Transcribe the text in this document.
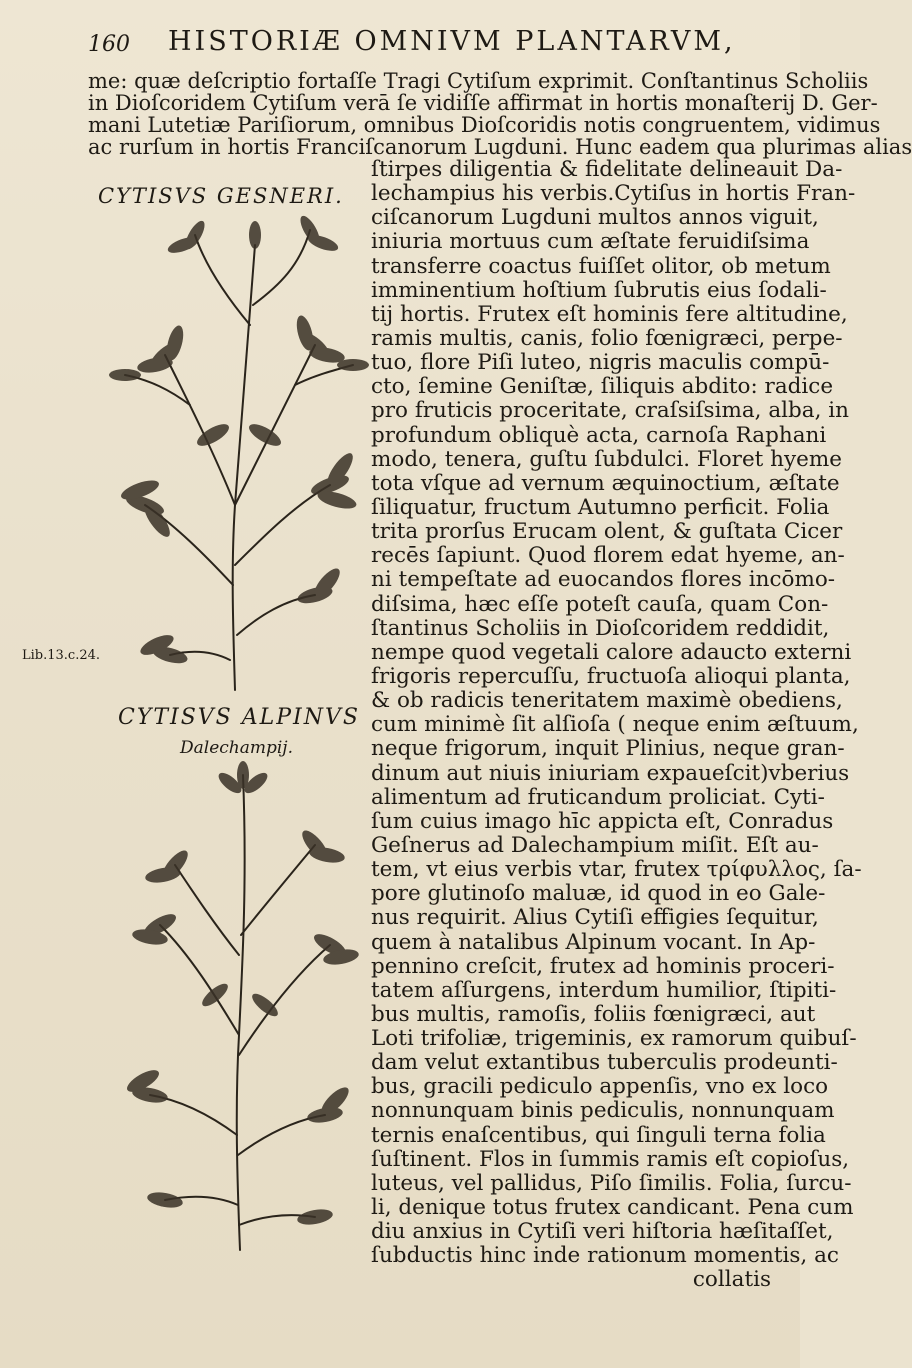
160 HISTORIÆ OMNIVM PLANTARVM,
me: quæ deſcriptio fortaſſe Tragi Cytiſum exprimit. Conſtantinus Scholiis
in Dioſcoridem Cytiſum verā ſe vidiſſe affirmat in hortis monaſterij D. Ger-
mani Lutetiæ Pariſiorum, omnibus Dioſcoridis notis congruentem, vidimus
ac rurſum in hortis Franciſcanorum Lugduni. Hunc eadem qua plurimas alias
CYTISVS GESNERI.
Lib.13.c.24.
CYTISVS ALPINVS
Dalechampij.
ſtirpes diligentia & fidelitate delineauit Da-
lechampius his verbis.Cytiſus in hortis Fran-
ciſcanorum Lugduni multos annos viguit,
iniuria mortuus cum æſtate feruidiſsima
transferre coactus fuiſſet olitor, ob metum
imminentium hoſtium ſubrutis eius ſodali-
tij hortis. Frutex eſt hominis fere altitudine,
ramis multis, canis, folio fœnigræci, perpe-
tuo, flore Piſi luteo, nigris maculis compū-
cto, ſemine Geniſtæ, ſiliquis abdito: radice
pro fruticis proceritate, craſsiſsima, alba, in
profundum obliquè acta, carnoſa Raphani
modo, tenera, guſtu ſubdulci. Floret hyeme
tota vſque ad vernum æquinoctium, æſtate
ſiliquatur, fructum Autumno perficit. Folia
trita prorſus Erucam olent, & guſtata Cicer
recēs ſapiunt. Quod florem edat hyeme, an-
ni tempeſtate ad euocandos flores incōmo-
diſsima, hæc eſſe poteſt cauſa, quam Con-
ſtantinus Scholiis in Dioſcoridem reddidit,
nempe quod vegetali calore adaucto externi
frigoris repercuſſu, fructuoſa alioqui planta,
& ob radicis teneritatem maximè obediens,
cum minimè ſit alſioſa ( neque enim æſtuum,
neque frigorum, inquit Plinius, neque gran-
dinum aut niuis iniuriam expaueſcit)vberius
alimentum ad fruticandum proliciat. Cyti-
ſum cuius imago hīc appicta eſt, Conradus
Geſnerus ad Dalechampium miſit. Eſt au-
tem, vt eius verbis vtar, frutex τρίφυλλος, ſa-
pore glutinoſo maluæ, id quod in eo Gale-
nus requirit. Alius Cytiſi effigies ſequitur,
quem à natalibus Alpinum vocant. In Ap-
pennino creſcit, frutex ad hominis proceri-
tatem aſſurgens, interdum humilior, ſtipiti-
bus multis, ramoſis, foliis fœnigræci, aut
Loti trifoliæ, trigeminis, ex ramorum quibuſ-
dam velut extantibus tuberculis prodeunti-
bus, gracili pediculo appenſis, vno ex loco
nonnunquam binis pediculis, nonnunquam
ternis enaſcentibus, qui ſinguli terna folia
ſuſtinent. Flos in ſummis ramis eſt copioſus,
luteus, vel pallidus, Piſo ſimilis. Folia, ſurcu-
li, denique totus frutex candicant. Pena cum
diu anxius in Cytiſi veri hiſtoria hæſitaſſet,
ſubductis hinc inde rationum momentis, ac
collatis
